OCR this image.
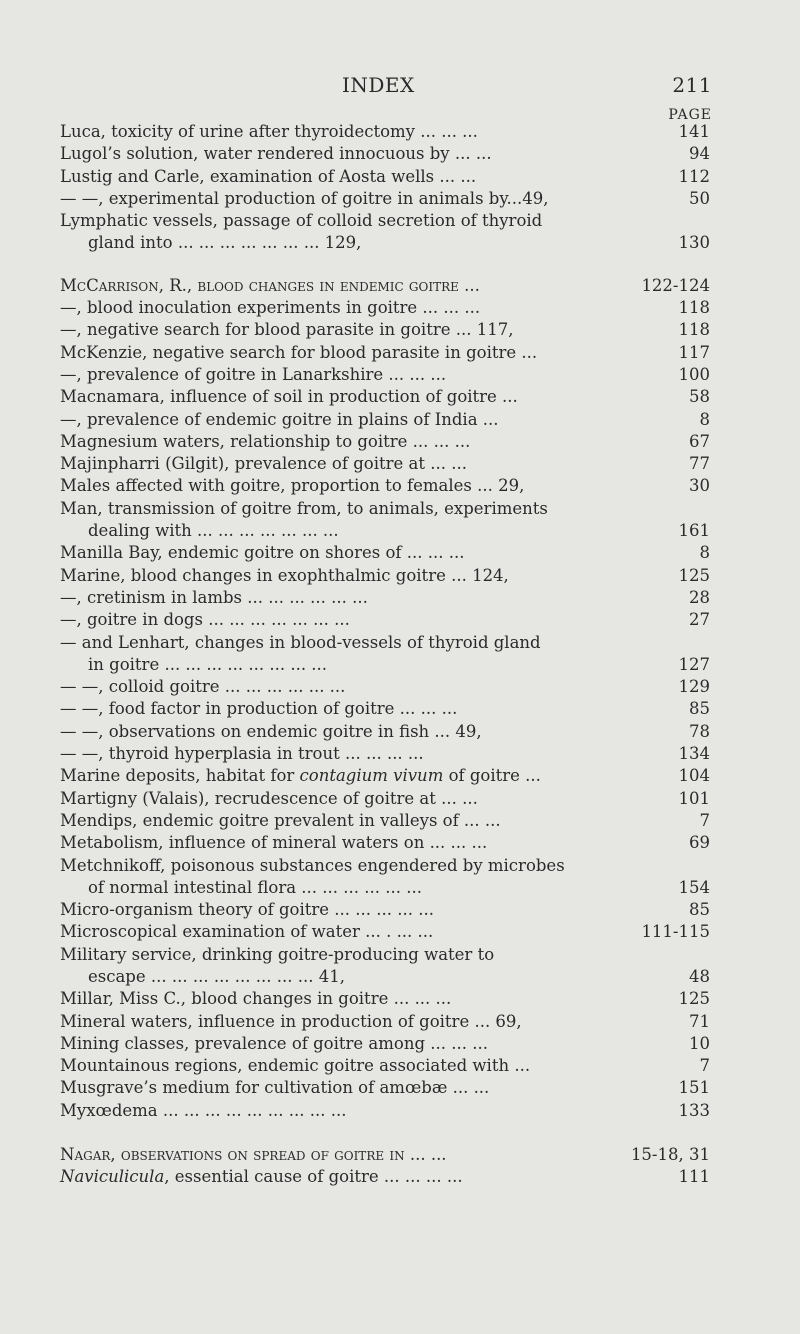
INDEX	211
PAGE
Luca, toxicity of urine after thyroidectomy ... ... ...	141
Lugol’s solution, water rendered innocuous by ... ...	94
Lustig and Carle, examination of Aosta wells ... ...	112
— —, experimental production of goitre in animals by...49,	50
Lymphatic vessels, passage of colloid secretion of thyroid
gland into ... ... ... ... ... ... ... 129,	130
McCarrison, R., blood changes in endemic goitre ...	122-124
—, blood inoculation experiments in goitre ... ... ...	118
—, negative search for blood parasite in goitre ... 117,	118
McKenzie, negative search for blood parasite in goitre ...	117
—, prevalence of goitre in Lanarkshire ... ... ...	100
Macnamara, influence of soil in production of goitre ...	58
—, prevalence of endemic goitre in plains of India ...	8
Magnesium waters, relationship to goitre ... ... ...	67
Majinpharri (Gilgit), prevalence of goitre at ... ...	77
Males affected with goitre, proportion to females ... 29,	30
Man, transmission of goitre from, to animals, experiments
dealing with ... ... ... ... ... ... ...	161
Manilla Bay, endemic goitre on shores of ... ... ...	8
Marine, blood changes in exophthalmic goitre ... 124,	125
—, cretinism in lambs ... ... ... ... ... ...	28
—, goitre in dogs ... ... ... ... ... ... ...	27
— and Lenhart, changes in blood-vessels of thyroid gland
in goitre ... ... ... ... ... ... ... ...	127
— —, colloid goitre ... ... ... ... ... ...	129
— —, food factor in production of goitre ... ... ...	85
— —, observations on endemic goitre in fish ... 49,	78
— —, thyroid hyperplasia in trout ... ... ... ...	134
Marine deposits, habitat for contagium vivum of goitre ...	104
Martigny (Valais), recrudescence of goitre at ... ...	101
Mendips, endemic goitre prevalent in valleys of ... ...	7
Metabolism, influence of mineral waters on ... ... ...	69
Metchnikoff, poisonous substances engendered by microbes
of normal intestinal flora ... ... ... ... ... ...	154
Micro-organism theory of goitre ... ... ... ... ...	85
Microscopical examination of water ... . ... ...	111-115
Military service, drinking goitre-producing water to
escape ... ... ... ... ... ... ... ... 41,	48
Millar, Miss C., blood changes in goitre ... ... ...	125
Mineral waters, influence in production of goitre ... 69,	71
Mining classes, prevalence of goitre among ... ... ...	10
Mountainous regions, endemic goitre associated with ...	7
Musgrave’s medium for cultivation of amœbæ ... ...	151
Myxœdema ... ... ... ... ... ... ... ... ...	133
Nagar, observations on spread of goitre in ... ...	15-18, 31
Naviculicula, essential cause of goitre ... ... ... ...	111
